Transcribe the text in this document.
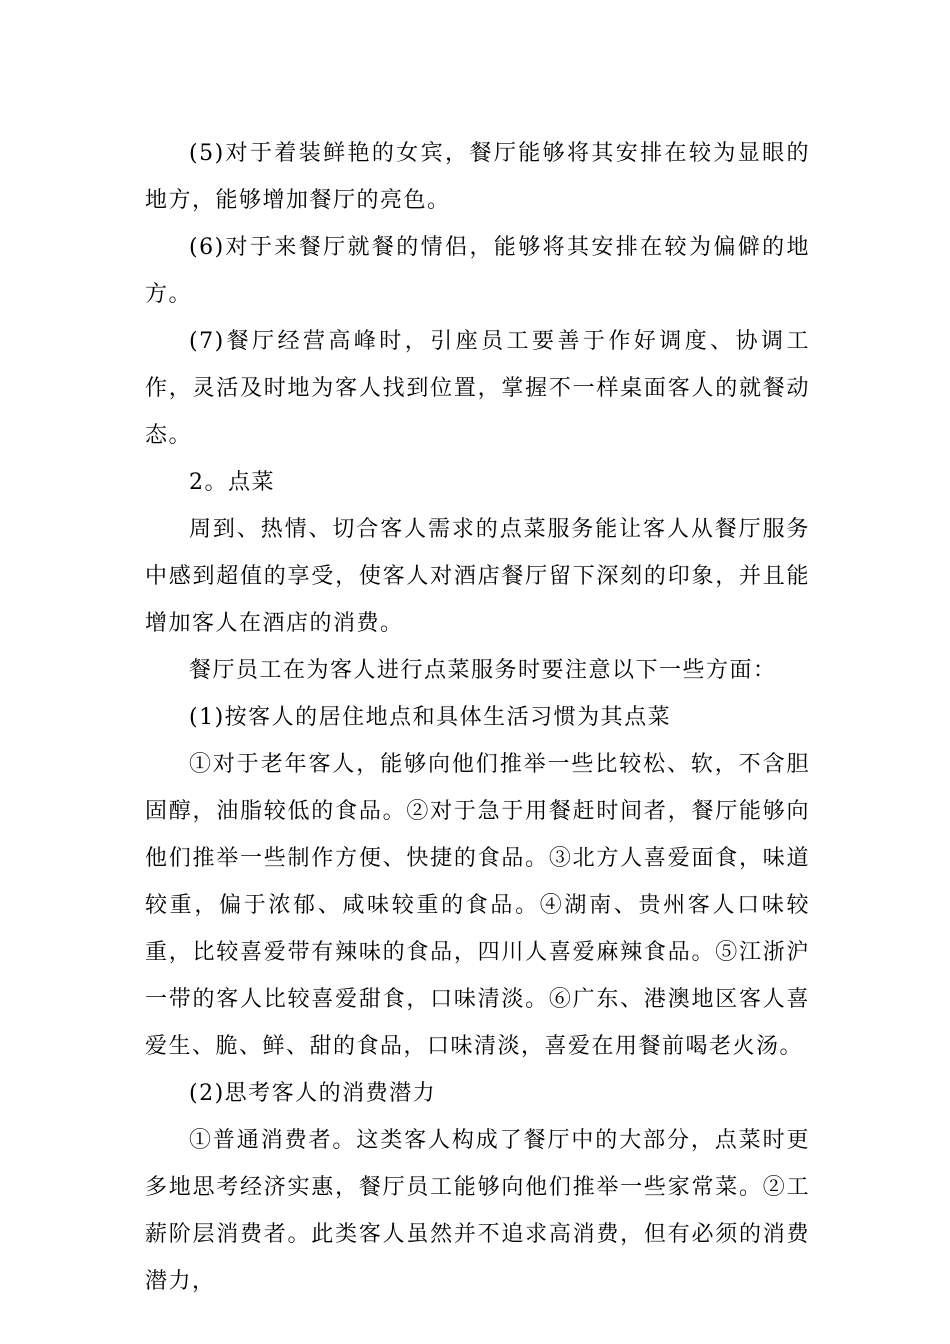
(5)对于着装鲜艳的女宾，餐厅能够将其安排在较为显眼的地方，能够增加餐厅的亮色。

(6)对于来餐厅就餐的情侣，能够将其安排在较为偏僻的地方。

(7)餐厅经营高峰时，引座员工要善于作好调度、协调工作，灵活及时地为客人找到位置，掌握不一样桌面客人的就餐动态。

2。点菜

周到、热情、切合客人需求的点菜服务能让客人从餐厅服务中感到超值的享受，使客人对酒店餐厅留下深刻的印象，并且能增加客人在酒店的消费。

餐厅员工在为客人进行点菜服务时要注意以下一些方面：

(1)按客人的居住地点和具体生活习惯为其点菜

①对于老年客人，能够向他们推举一些比较松、软，不含胆固醇，油脂较低的食品。②对于急于用餐赶时间者，餐厅能够向他们推举一些制作方便、快捷的食品。③北方人喜爱面食，味道较重，偏于浓郁、咸味较重的食品。④湖南、贵州客人口味较重，比较喜爱带有辣味的食品，四川人喜爱麻辣食品。⑤江浙沪一带的客人比较喜爱甜食，口味清淡。⑥广东、港澳地区客人喜爱生、脆、鲜、甜的食品，口味清淡，喜爱在用餐前喝老火汤。

(2)思考客人的消费潜力

①普通消费者。这类客人构成了餐厅中的大部分，点菜时更多地思考经济实惠，餐厅员工能够向他们推举一些家常菜。②工薪阶层消费者。此类客人虽然并不追求高消费，但有必须的消费潜力，
